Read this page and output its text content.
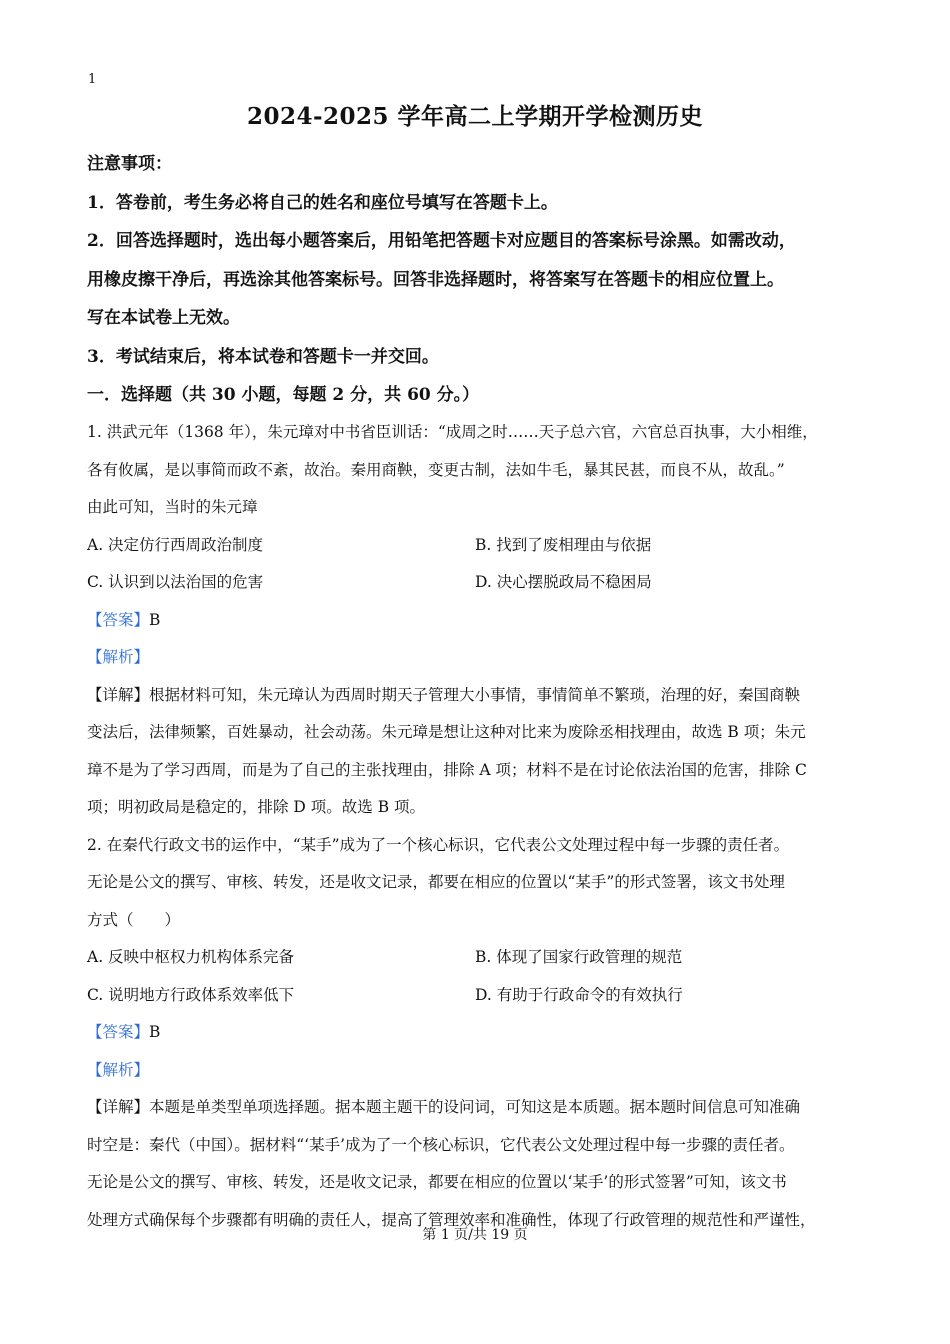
1
2024-2025 学年高二上学期开学检测历史
注意事项：
1．答卷前，考生务必将自己的姓名和座位号填写在答题卡上。
2．回答选择题时，选出每小题答案后，用铅笔把答题卡对应题目的答案标号涂黑。如需改动，
用橡皮擦干净后，再选涂其他答案标号。回答非选择题时，将答案写在答题卡的相应位置上。
写在本试卷上无效。
3．考试结束后，将本试卷和答题卡一并交回。
一．选择题（共 30 小题，每题 2 分，共 60 分。）
1. 洪武元年（1368 年），朱元璋对中书省臣训话：“成周之时……天子总六官，六官总百执事，大小相维，
各有攸属，是以事简而政不紊，故治。秦用商鞅，变更古制，法如牛毛，暴其民甚，而良不从，故乱。”
由此可知，当时的朱元璋
A. 决定仿行西周政治制度	B. 找到了废相理由与依据
C. 认识到以法治国的危害	D. 决心摆脱政局不稳困局
【答案】B
【解析】
【详解】根据材料可知，朱元璋认为西周时期天子管理大小事情，事情简单不繁琐，治理的好，秦国商鞅
变法后，法律频繁，百姓暴动，社会动荡。朱元璋是想让这种对比来为废除丞相找理由，故选 B 项；朱元
璋不是为了学习西周，而是为了自己的主张找理由，排除 A 项；材料不是在讨论依法治国的危害，排除 C
项；明初政局是稳定的，排除 D 项。故选 B 项。
2. 在秦代行政文书的运作中，“某手”成为了一个核心标识，它代表公文处理过程中每一步骤的责任者。
无论是公文的撰写、审核、转发，还是收文记录，都要在相应的位置以“某手”的形式签署，该文书处理
方式（　　）
A. 反映中枢权力机构体系完备	B. 体现了国家行政管理的规范
C. 说明地方行政体系效率低下	D. 有助于行政命令的有效执行
【答案】B
【解析】
【详解】本题是单类型单项选择题。据本题主题干的设问词，可知这是本质题。据本题时间信息可知准确
时空是：秦代（中国）。据材料“‘某手’成为了一个核心标识，它代表公文处理过程中每一步骤的责任者。
无论是公文的撰写、审核、转发，还是收文记录，都要在相应的位置以‘某手’的形式签署”可知，该文书
处理方式确保每个步骤都有明确的责任人，提高了管理效率和准确性，体现了行政管理的规范性和严谨性，
第 1 页/共 19 页
